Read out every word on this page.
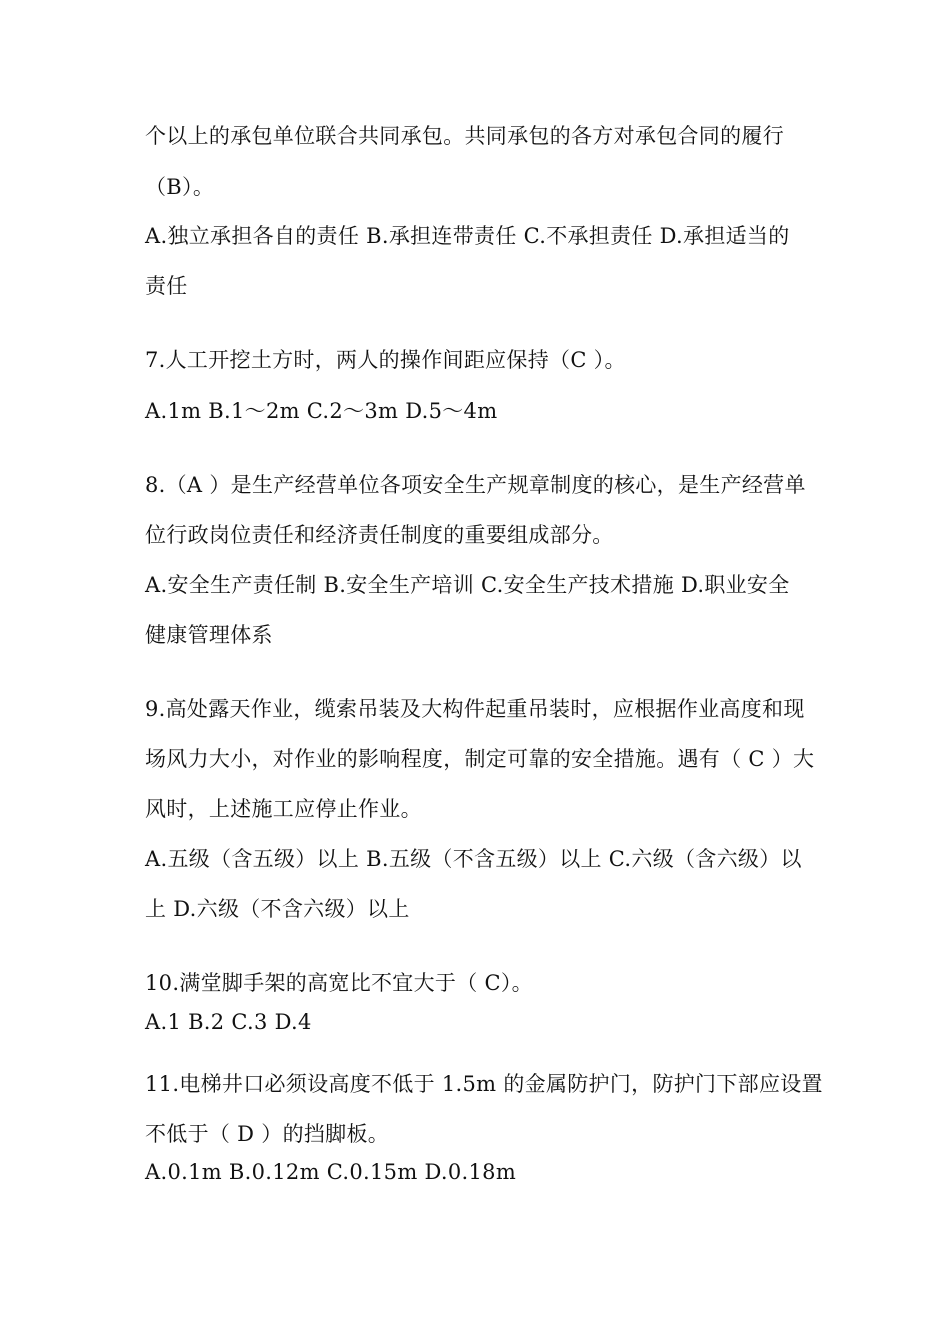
个以上的承包单位联合共同承包。共同承包的各方对承包合同的履行
（B）。
A.独立承担各自的责任 B.承担连带责任 C.不承担责任 D.承担适当的
责任
7.人工开挖土方时，两人的操作间距应保持（C ）。
A.1m B.1～2m C.2～3m D.5～4m
8.（A ）是生产经营单位各项安全生产规章制度的核心，是生产经营单
位行政岗位责任和经济责任制度的重要组成部分。
A.安全生产责任制 B.安全生产培训 C.安全生产技术措施 D.职业安全
健康管理体系
9.高处露天作业，缆索吊装及大构件起重吊装时，应根据作业高度和现
场风力大小，对作业的影响程度，制定可靠的安全措施。遇有（ C ）大
风时，上述施工应停止作业。
A.五级（含五级）以上 B.五级（不含五级）以上 C.六级（含六级）以
上 D.六级（不含六级）以上
10.满堂脚手架的高宽比不宜大于（ C）。
A.1 B.2 C.3 D.4
11.电梯井口必须设高度不低于 1.5m 的金属防护门，防护门下部应设置
不低于（ D ）的挡脚板。
A.0.1m B.0.12m C.0.15m D.0.18m
